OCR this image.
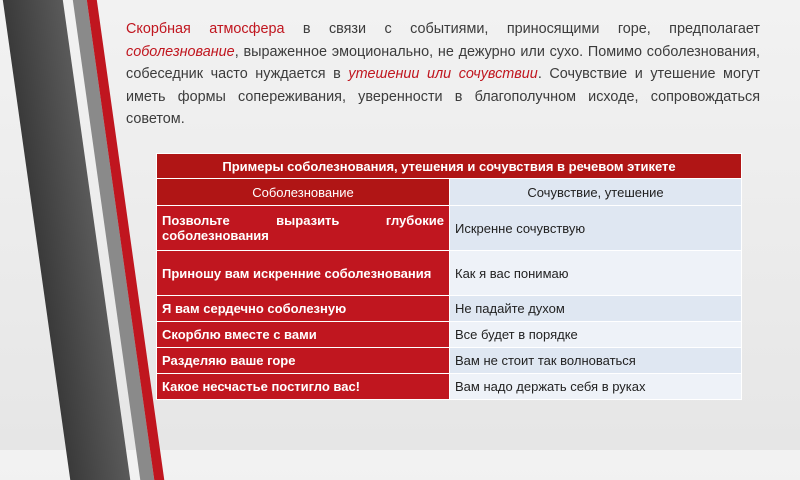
Скорбная атмосфера в связи с событиями, приносящими горе, предполагает соболезнование, выраженное эмоционально, не дежурно или сухо. Помимо соболезнования, собеседник часто нуждается в утешении или сочувствии. Сочувствие и утешение могут иметь формы сопереживания, уверенности в благополучном исходе, сопровождаться советом.

Примеры соболезнования, утешения и сочувствия в речевом этикете	
Соболезнование	Сочувствие, утешение
Позвольте выразить глубокие соболезнования	Искренне сочувствую
Приношу вам искренние соболезнования	Как я вас понимаю
Я вам сердечно соболезную	Не падайте духом
Скорблю вместе с вами	Все будет в порядке
Разделяю ваше горе	Вам не стоит так волноваться
Какое несчастье постигло вас!	Вам надо держать себя в руках
